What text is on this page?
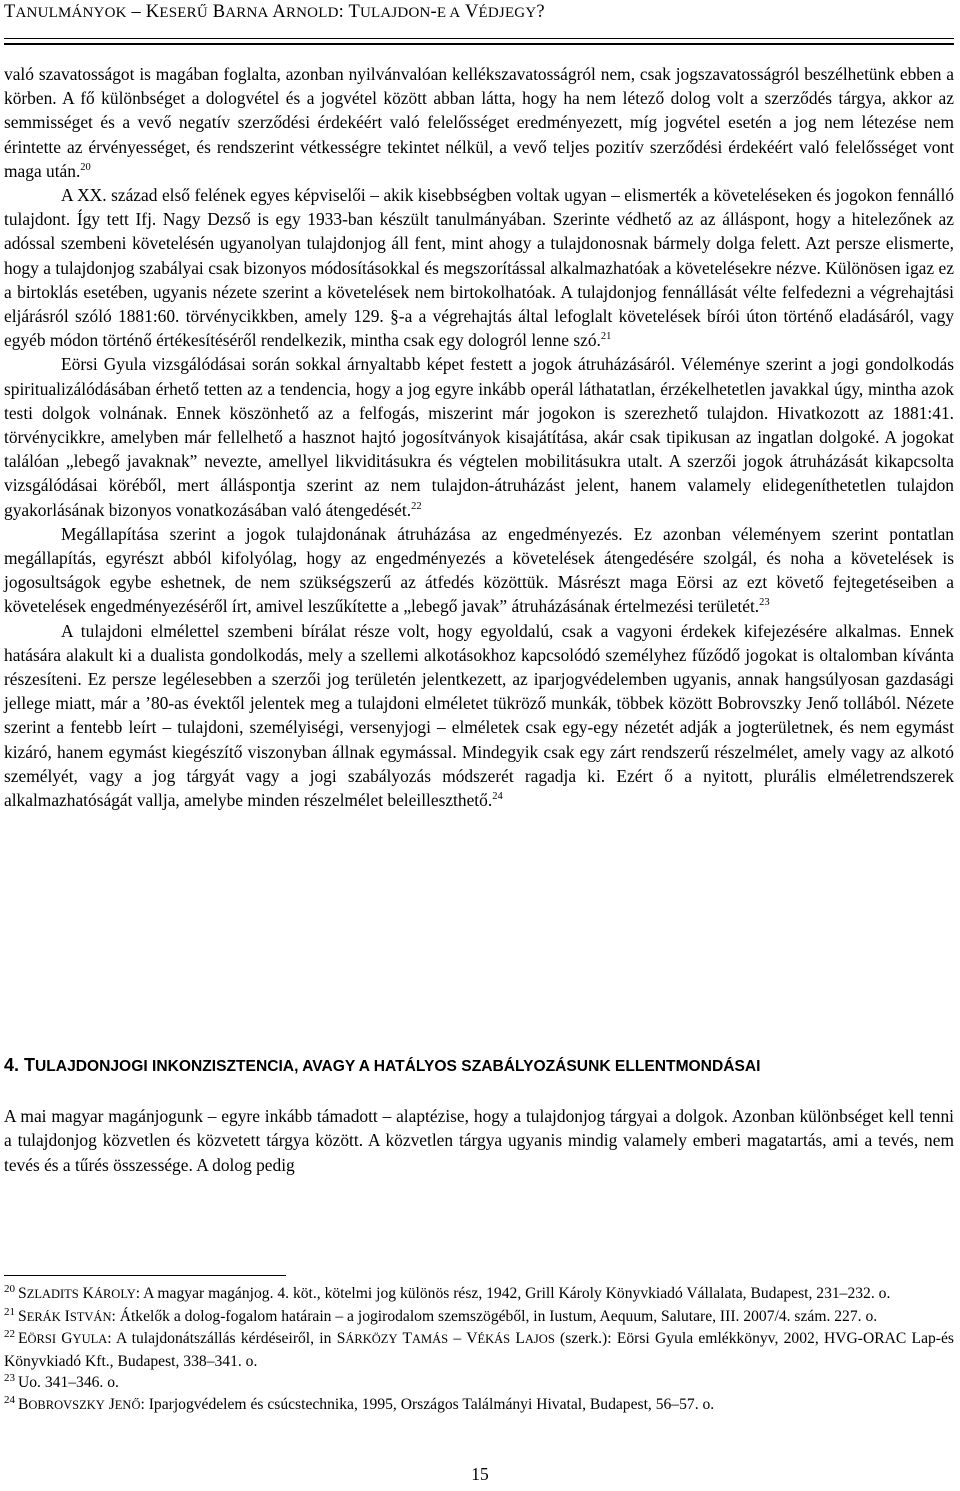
TANULMÁNYOK – KESERŰ BARNA ARNOLD: TULAJDON-E A VÉDJEGY?

való szavatosságot is magában foglalta, azonban nyilvánvalóan kellékszavatosságról nem, csak jogszavatosságról beszélhetünk ebben a körben. A fő különbséget a dologvétel és a jogvétel között abban látta, hogy ha nem létező dolog volt a szerződés tárgya, akkor az semmisséget és a vevő negatív szerződési érdekéért való felelősséget eredményezett, míg jogvétel esetén a jog nem létezése nem érintette az érvényességet, és rendszerint vétkességre tekintet nélkül, a vevő teljes pozitív szerződési érdekéért való felelősséget vont maga után.$^{20}$

A XX. század első felének egyes képviselői – akik kisebbségben voltak ugyan – elismerték a követeléseken és jogokon fennálló tulajdont. Így tett Ifj. Nagy Dezső is egy 1933-ban készült tanulmányában. Szerinte védhető az az álláspont, hogy a hitelezőnek az adóssal szembeni követelésén ugyanolyan tulajdonjog áll fent, mint ahogy a tulajdonosnak bármely dolga felett. Azt persze elismerte, hogy a tulajdonjog szabályai csak bizonyos módosításokkal és megszorítással alkalmazhatóak a követelésekre nézve. Különösen igaz ez a birtoklás esetében, ugyanis nézete szerint a követelések nem birtokolhatóak. A tulajdonjog fennállását vélte felfedezni a végrehajtási eljárásról szóló 1881:60. törvénycikkben, amely 129. §-a a végrehajtás által lefoglalt követelések bírói úton történő eladásáról, vagy egyéb módon történő értékesítéséről rendelkezik, mintha csak egy dologról lenne szó.$^{21}$

Eörsi Gyula vizsgálódásai során sokkal árnyaltabb képet festett a jogok átruházásáról. Véleménye szerint a jogi gondolkodás spiritualizálódásában érhető tetten az a tendencia, hogy a jog egyre inkább operál láthatatlan, érzékelhetetlen javakkal úgy, mintha azok testi dolgok volnának. Ennek köszönhető az a felfogás, miszerint már jogokon is szerezhető tulajdon. Hivatkozott az 1881:41. törvénycikkre, amelyben már fellelhető a hasznot hajtó jogosítványok kisajátítása, akár csak tipikusan az ingatlan dolgoké. A jogokat találóan „lebegő javaknak” nevezte, amellyel likviditásukra és végtelen mobilitásukra utalt. A szerzői jogok átruházását kikapcsolta vizsgálódásai köréből, mert álláspontja szerint az nem tulajdon-átruházást jelent, hanem valamely elidegeníthetetlen tulajdon gyakorlásának bizonyos vonatkozásában való átengedését.$^{22}$

Megállapítása szerint a jogok tulajdonának átruházása az engedményezés. Ez azonban véleményem szerint pontatlan megállapítás, egyrészt abból kifolyólag, hogy az engedményezés a követelések átengedésére szolgál, és noha a követelések is jogosultságok egybe eshetnek, de nem szükségszerű az átfedés közöttük. Másrészt maga Eörsi az ezt követő fejtegetéseiben a követelések engedményezéséről írt, amivel leszűkítette a „lebegő javak” átruházásának értelmezési területét.$^{23}$

A tulajdoni elmélettel szembeni bírálat része volt, hogy egyoldalú, csak a vagyoni érdekek kifejezésére alkalmas. Ennek hatására alakult ki a dualista gondolkodás, mely a szellemi alkotásokhoz kapcsolódó személyhez fűződő jogokat is oltalomban kívánta részesíteni. Ez persze legélesebben a szerzői jog területén jelentkezett, az iparjogvédelemben ugyanis, annak hangsúlyosan gazdasági jellege miatt, már a ’80-as évektől jelentek meg a tulajdoni elméletet tükröző munkák, többek között Bobrovszky Jenő tollából. Nézete szerint a fentebb leírt – tulajdoni, személyiségi, versenyjogi – elméletek csak egy-egy nézetét adják a jogterületnek, és nem egymást kizáró, hanem egymást kiegészítő viszonyban állnak egymással. Mindegyik csak egy zárt rendszerű részelmélet, amely vagy az alkotó személyét, vagy a jog tárgyát vagy a jogi szabályozás módszerét ragadja ki. Ezért ő a nyitott, plurális elméletrendszerek alkalmazhatóságát vallja, amelybe minden részelmélet beleilleszthető.$^{24}$

4. TULAJDONJOGI INKONZISZTENCIA, AVAGY A HATÁLYOS SZABÁLYOZÁSUNK ELLENTMONDÁSAI

A mai magyar magánjogunk – egyre inkább támadott – alaptézise, hogy a tulajdonjog tárgyai a dolgok. Azonban különbséget kell tenni a tulajdonjog közvetlen és közvetett tárgya között. A közvetlen tárgya ugyanis mindig valamely emberi magatartás, ami a tevés, nem tevés és a tűrés összessége. A dolog pedig

$^{20}$ SZLADITS KÁROLY: A magyar magánjog. 4. köt., kötelmi jog különös rész, 1942, Grill Károly Könyvkiadó Vállalata, Budapest, 231–232. o.

$^{21}$ SERÁK ISTVÁN: Átkelők a dolog-fogalom határain – a jogirodalom szemszögéből, in Iustum, Aequum, Salutare, III. 2007/4. szám. 227. o.

$^{22}$ EÖRSI GYULA: A tulajdonátszállás kérdéseiről, in SÁRKÖZY TAMÁS – VÉKÁS LAJOS (szerk.): Eörsi Gyula emlékkönyv, 2002, HVG-ORAC Lap-és Könyvkiadó Kft., Budapest, 338–341. o.

$^{23}$ Uo. 341–346. o.

$^{24}$ BOBROVSZKY JENŐ: Iparjogvédelem és csúcstechnika, 1995, Országos Találmányi Hivatal, Budapest, 56–57. o.

15
